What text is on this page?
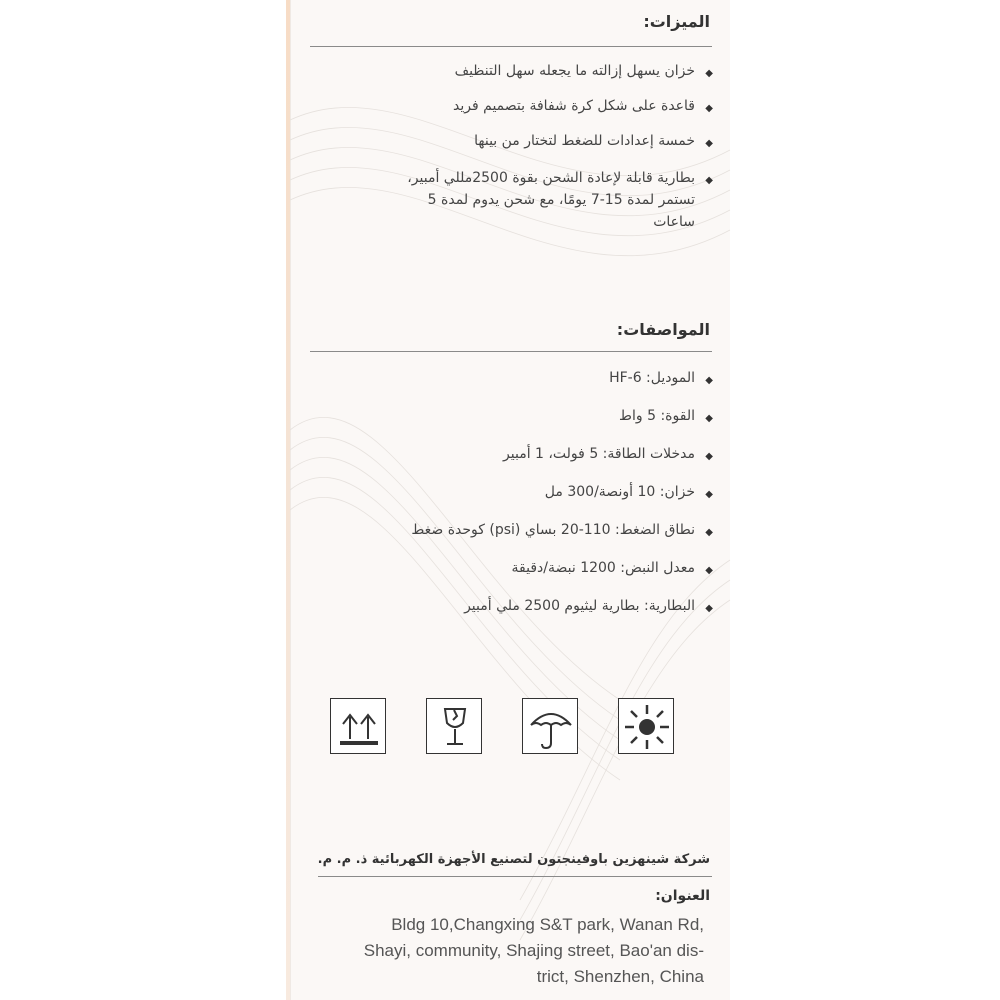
الميزات:
◆
خزان يسهل إزالته ما يجعله سهل التنظيف
◆
قاعدة على شكل كرة شفافة بتصميم فريد
◆
خمسة إعدادات للضغط لتختار من بينها
◆
بطارية قابلة لإعادة الشحن بقوة 2500مللي أمبير، تستمر لمدة 15-7 يومًا، مع شحن يدوم لمدة 5 ساعات
المواصفات:
◆
الموديل: HF-6
◆
القوة: 5 واط
◆
مدخلات الطاقة: 5 فولت، 1 أمبير
◆
خزان: 10 أونصة/300 مل
◆
نطاق الضغط: 110-20 بساي (psi) كوحدة ضغط
◆
معدل النبض: 1200 نبضة/دقيقة
◆
البطارية: بطارية ليثيوم 2500 ملي أمبير
شركة شينهزين باوفينجتون لتصنيع الأجهزة الكهربائية ذ. م. م.
العنوان:
Bldg 10,Changxing S&T park, Wanan Rd,
Shayi, community, Shajing street, Bao'an dis-
trict, Shenzhen, China
